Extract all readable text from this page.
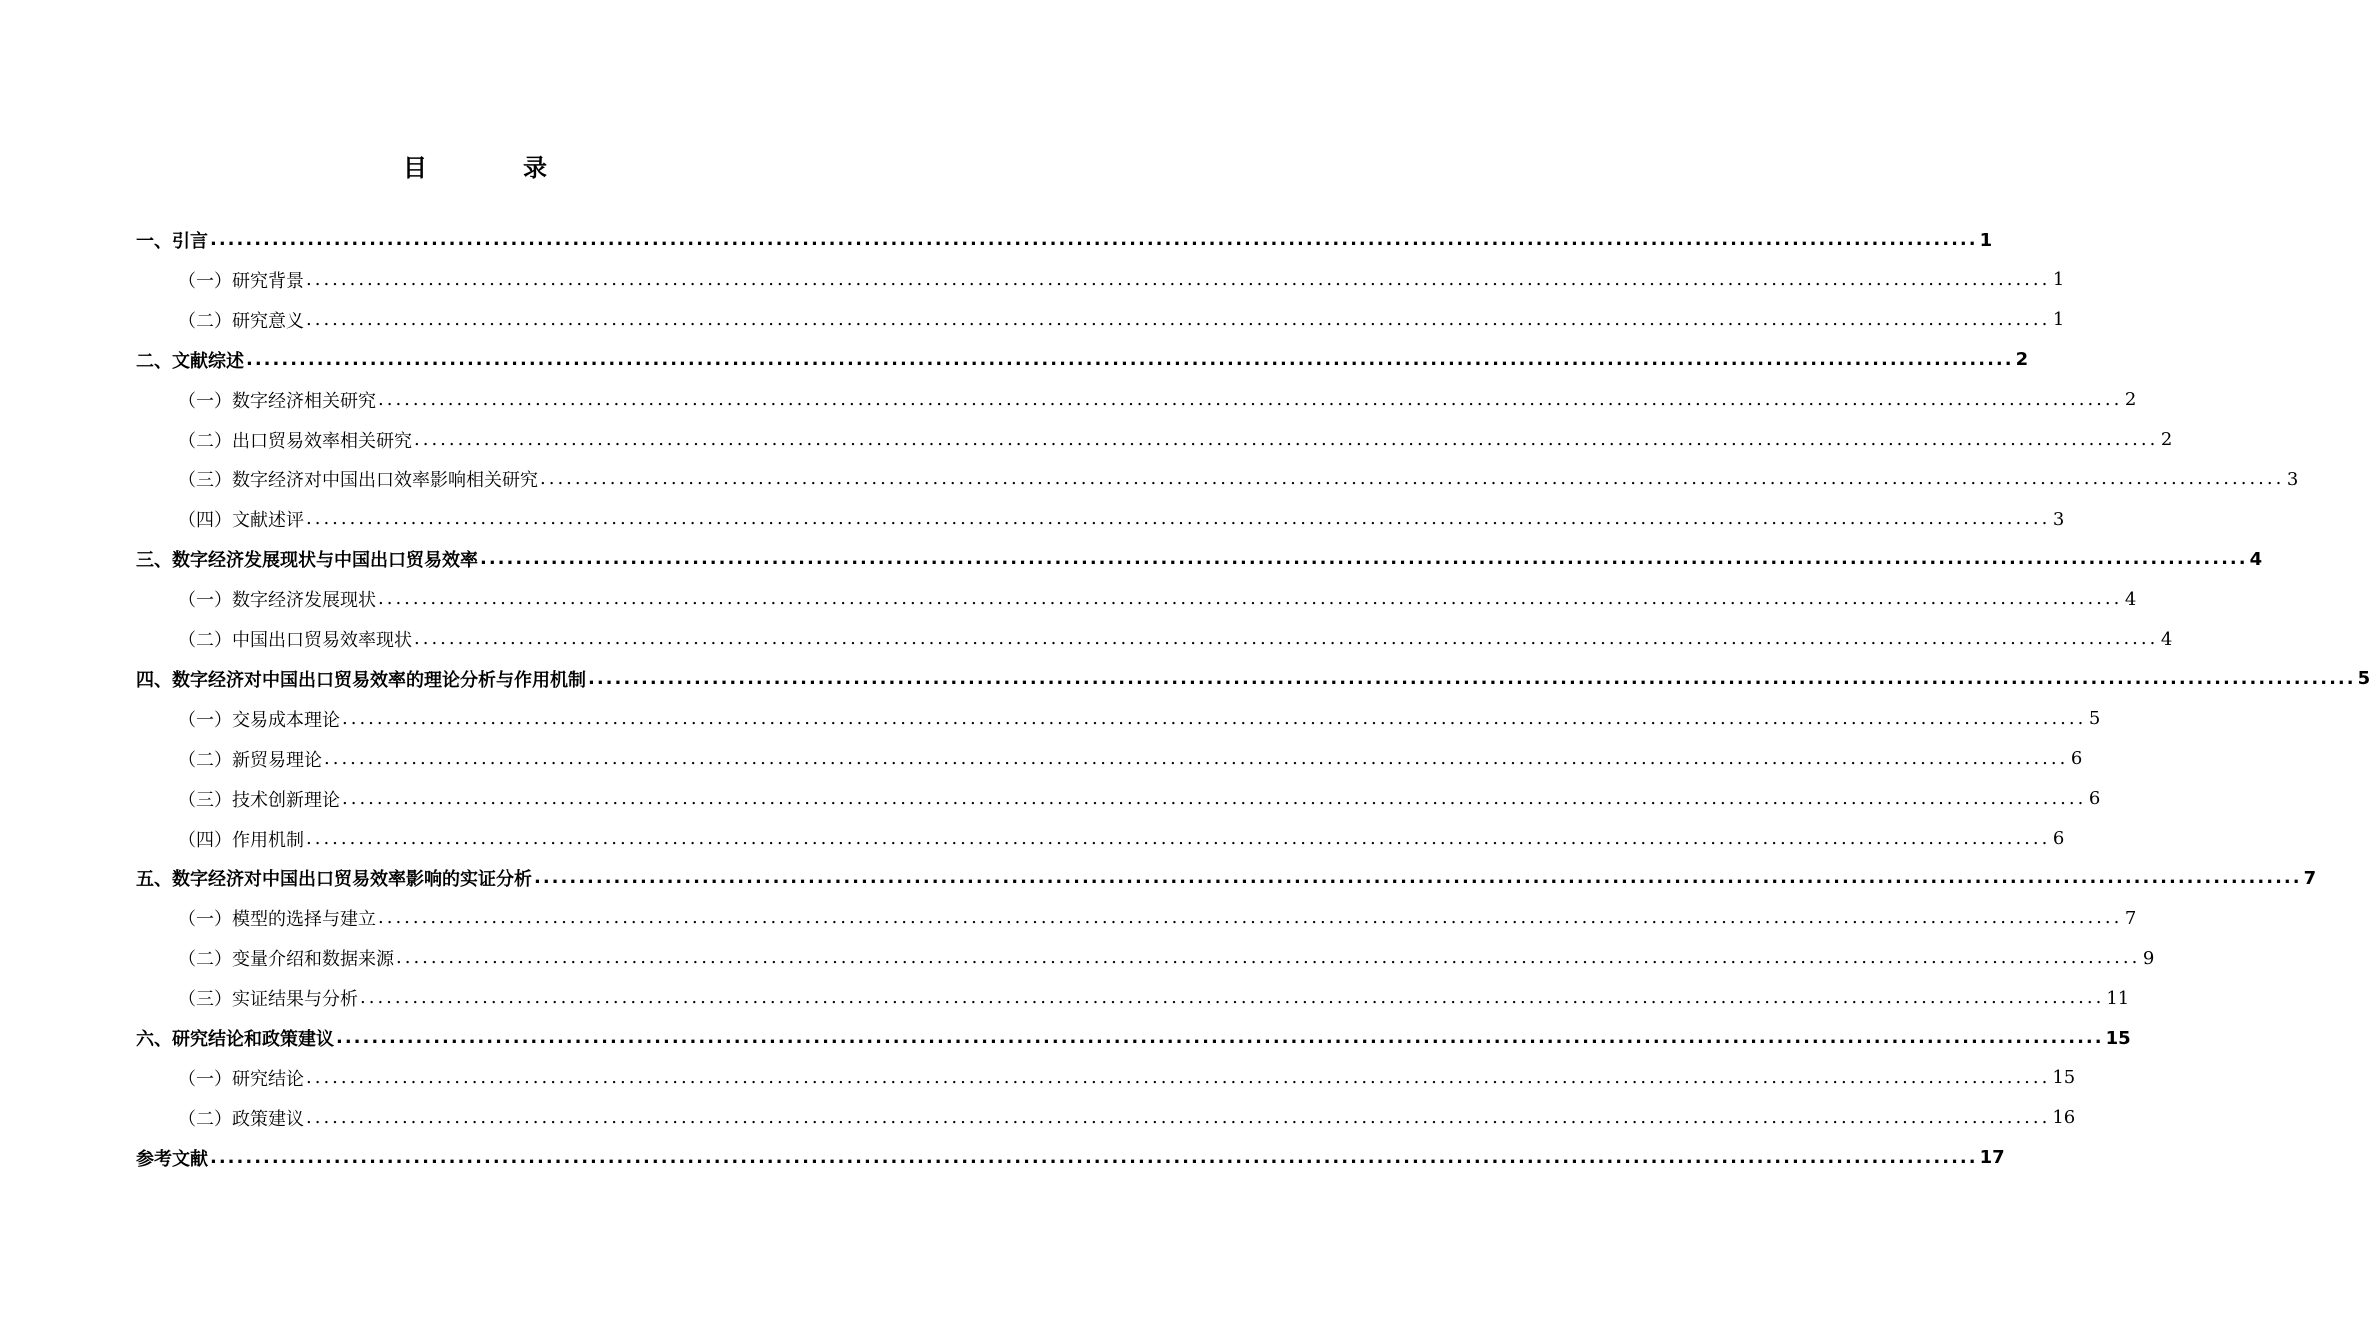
目	录
一、 引言 ........................................................................................................................................................................................................ 1
（一） 研究背景 ........................................................................................................................................................................................................ 1
（二） 研究意义 ........................................................................................................................................................................................................ 1
二、 文献综述 ........................................................................................................................................................................................................ 2
（一） 数字经济相关研究 ........................................................................................................................................................................................................ 2
（二） 出口贸易效率相关研究 ........................................................................................................................................................................................................ 2
（三） 数字经济对中国出口效率影响相关研究 ........................................................................................................................................................................................................ 3
（四） 文献述评 ........................................................................................................................................................................................................ 3
三、 数字经济发展现状与中国出口贸易效率 ........................................................................................................................................................................................................ 4
（一） 数字经济发展现状 ........................................................................................................................................................................................................ 4
（二） 中国出口贸易效率现状 ........................................................................................................................................................................................................ 4
四、 数字经济对中国出口贸易效率的理论分析与作用机制 ........................................................................................................................................................................................................ 5
（一） 交易成本理论 ........................................................................................................................................................................................................ 5
（二） 新贸易理论 ........................................................................................................................................................................................................ 6
（三） 技术创新理论 ........................................................................................................................................................................................................ 6
（四） 作用机制 ........................................................................................................................................................................................................ 6
五、 数字经济对中国出口贸易效率影响的实证分析 ........................................................................................................................................................................................................ 7
（一） 模型的选择与建立 ........................................................................................................................................................................................................ 7
（二） 变量介绍和数据来源 ........................................................................................................................................................................................................ 9
（三） 实证结果与分析 ........................................................................................................................................................................................................ 11
六、 研究结论和政策建议 ........................................................................................................................................................................................................ 15
（一） 研究结论 ........................................................................................................................................................................................................ 15
（二） 政策建议 ........................................................................................................................................................................................................ 16
参考文献 ........................................................................................................................................................................................................ 17
